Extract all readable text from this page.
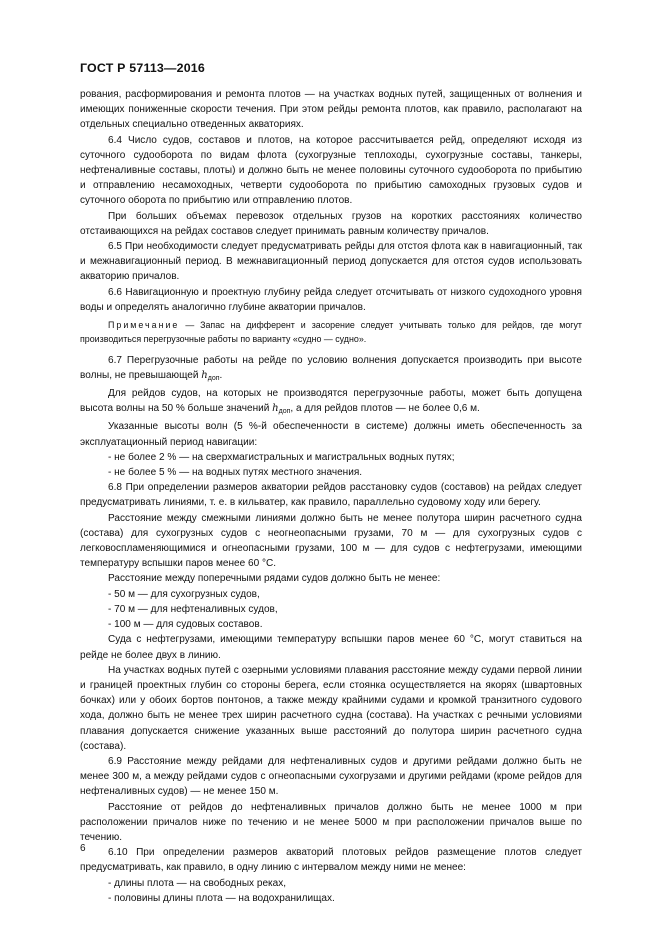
ГОСТ Р 57113—2016

рования, расформирования и ремонта плотов — на участках водных путей, защищенных от волнения и имеющих пониженные скорости течения. При этом рейды ремонта плотов, как правило, располагают на отдельных специально отведенных акваториях.

6.4 Число судов, составов и плотов, на которое рассчитывается рейд, определяют исходя из суточного судооборота по видам флота (сухогрузные теплоходы, сухогрузные составы, танкеры, нефтеналивные составы, плоты) и должно быть не менее половины суточного судооборота по прибытию и отправлению несамоходных, четверти судооборота по прибытию самоходных грузовых судов и суточного оборота по прибытию или отправлению плотов.

При больших объемах перевозок отдельных грузов на коротких расстояниях количество отстаивающихся на рейдах составов следует принимать равным количеству причалов.

6.5 При необходимости следует предусматривать рейды для отстоя флота как в навигационный, так и межнавигационный период. В межнавигационный период допускается для отстоя судов использовать акваторию причалов.

6.6 Навигационную и проектную глубину рейда следует отсчитывать от низкого судоходного уровня воды и определять аналогично глубине акватории причалов.

Примечание — Запас на дифферент и засорение следует учитывать только для рейдов, где могут производиться перегрузочные работы по варианту «судно — судно».

6.7 Перегрузочные работы на рейде по условию волнения допускается производить при высоте волны, не превышающей $h_{доп}$.

Для рейдов судов, на которых не производятся перегрузочные работы, может быть допущена высота волны на 50 % больше значений $h_{доп}$, а для рейдов плотов — не более 0,6 м.

Указанные высоты волн (5 %-й обеспеченности в системе) должны иметь обеспеченность за эксплуатационный период навигации:

- не более 2 % — на сверхмагистральных и магистральных водных путях;

- не более 5 % — на водных путях местного значения.

6.8 При определении размеров акватории рейдов расстановку судов (составов) на рейдах следует предусматривать линиями, т. е. в кильватер, как правило, параллельно судовому ходу или берегу.

Расстояние между смежными линиями должно быть не менее полутора ширин расчетного судна (состава) для сухогрузных судов с неогнеопасными грузами, 70 м — для сухогрузных судов с легковоспламеняющимися и огнеопасными грузами, 100 м — для судов с нефтегрузами, имеющими температуру вспышки паров менее 60 °С.

Расстояние между поперечными рядами судов должно быть не менее:

- 50 м — для сухогрузных судов,

- 70 м — для нефтеналивных судов,

- 100 м — для судовых составов.

Суда с нефтегрузами, имеющими температуру вспышки паров менее 60 °С, могут ставиться на рейде не более двух в линию.

На участках водных путей с озерными условиями плавания расстояние между судами первой линии и границей проектных глубин со стороны берега, если стоянка осуществляется на якорях (швартовных бочках) или у обоих бортов понтонов, а также между крайними судами и кромкой транзитного судового хода, должно быть не менее трех ширин расчетного судна (состава). На участках с речными условиями плавания допускается снижение указанных выше расстояний до полутора ширин расчетного судна (состава).

6.9 Расстояние между рейдами для нефтеналивных судов и другими рейдами должно быть не менее 300 м, а между рейдами судов с огнеопасными сухогрузами и другими рейдами (кроме рейдов для нефтеналивных судов) — не менее 150 м.

Расстояние от рейдов до нефтеналивных причалов должно быть не менее 1000 м при расположении причалов ниже по течению и не менее 5000 м при расположении причалов выше по течению.

6.10 При определении размеров акваторий плотовых рейдов размещение плотов следует предусматривать, как правило, в одну линию с интервалом между ними не менее:

- длины плота — на свободных реках,

- половины длины плота — на водохранилищах.

6
